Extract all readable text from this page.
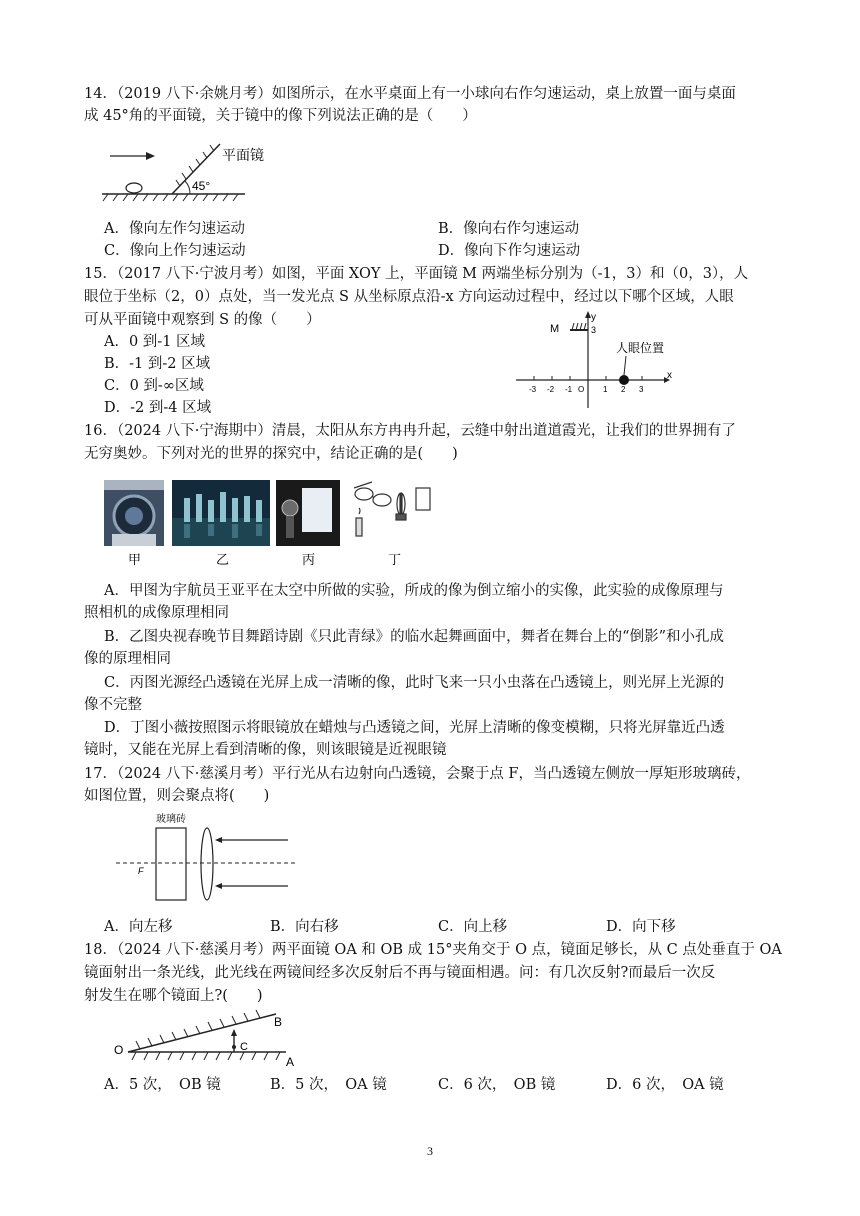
14．（2019 八下·余姚月考）如图所示，在水平桌面上有一小球向右作匀速运动，桌上放置一面与桌面
成 45°角的平面镜，关于镜中的像下列说法正确的是（　　）
45°
平面镜
A．像向左作匀速运动	B．像向右作匀速运动
C．像向上作匀速运动	D．像向下作匀速运动
15．（2017 八下·宁波月考）如图，平面 XOY 上，平面镜 M 两端坐标分别为（-1，3）和（0，3），人
眼位于坐标（2，0）点处，当一发光点 S 从坐标原点沿-x 方向运动过程中，经过以下哪个区域，人眼
可从平面镜中观察到 S 的像（　　）
A．0 到-1 区域
B．-1 到-2 区域
C．0 到-∞区域
D．-2 到-4 区域
y
x
M	3
-3 -2 -1 O 1 2 3
人眼位置
16．（2024 八下·宁海期中）清晨，太阳从东方冉冉升起，云缝中射出道道霞光，让我们的世界拥有了
无穷奥妙。下列对光的世界的探究中，结论正确的是(　　)
甲	乙	丙	丁
A．甲图为宇航员王亚平在太空中所做的实验，所成的像为倒立缩小的实像，此实验的成像原理与
照相机的成像原理相同
B．乙图央视春晚节目舞蹈诗剧《只此青绿》的临水起舞画面中，舞者在舞台上的“倒影”和小孔成
像的原理相同
C．丙图光源经凸透镜在光屏上成一清晰的像，此时飞来一只小虫落在凸透镜上，则光屏上光源的
像不完整
D．丁图小薇按照图示将眼镜放在蜡烛与凸透镜之间，光屏上清晰的像变模糊，只将光屏靠近凸透
镜时，又能在光屏上看到清晰的像，则该眼镜是近视眼镜
17．（2024 八下·慈溪月考）平行光从右边射向凸透镜，会聚于点 F，当凸透镜左侧放一厚矩形玻璃砖，
如图位置，则会聚点将(　　)
玻璃砖
F
A．向左移	B．向右移	C．向上移	D．向下移
18．（2024 八下·慈溪月考）两平面镜 OA 和 OB 成 15°夹角交于 O 点，镜面足够长，从 C 点处垂直于 OA
镜面射出一条光线，此光线在两镜间经多次反射后不再与镜面相遇。问：有几次反射?而最后一次反
射发生在哪个镜面上?(　　)
O
A
B
C
A．5 次，　OB 镜	B．5 次，　OA 镜	C．6 次，　OB 镜	D．6 次，　OA 镜
3
